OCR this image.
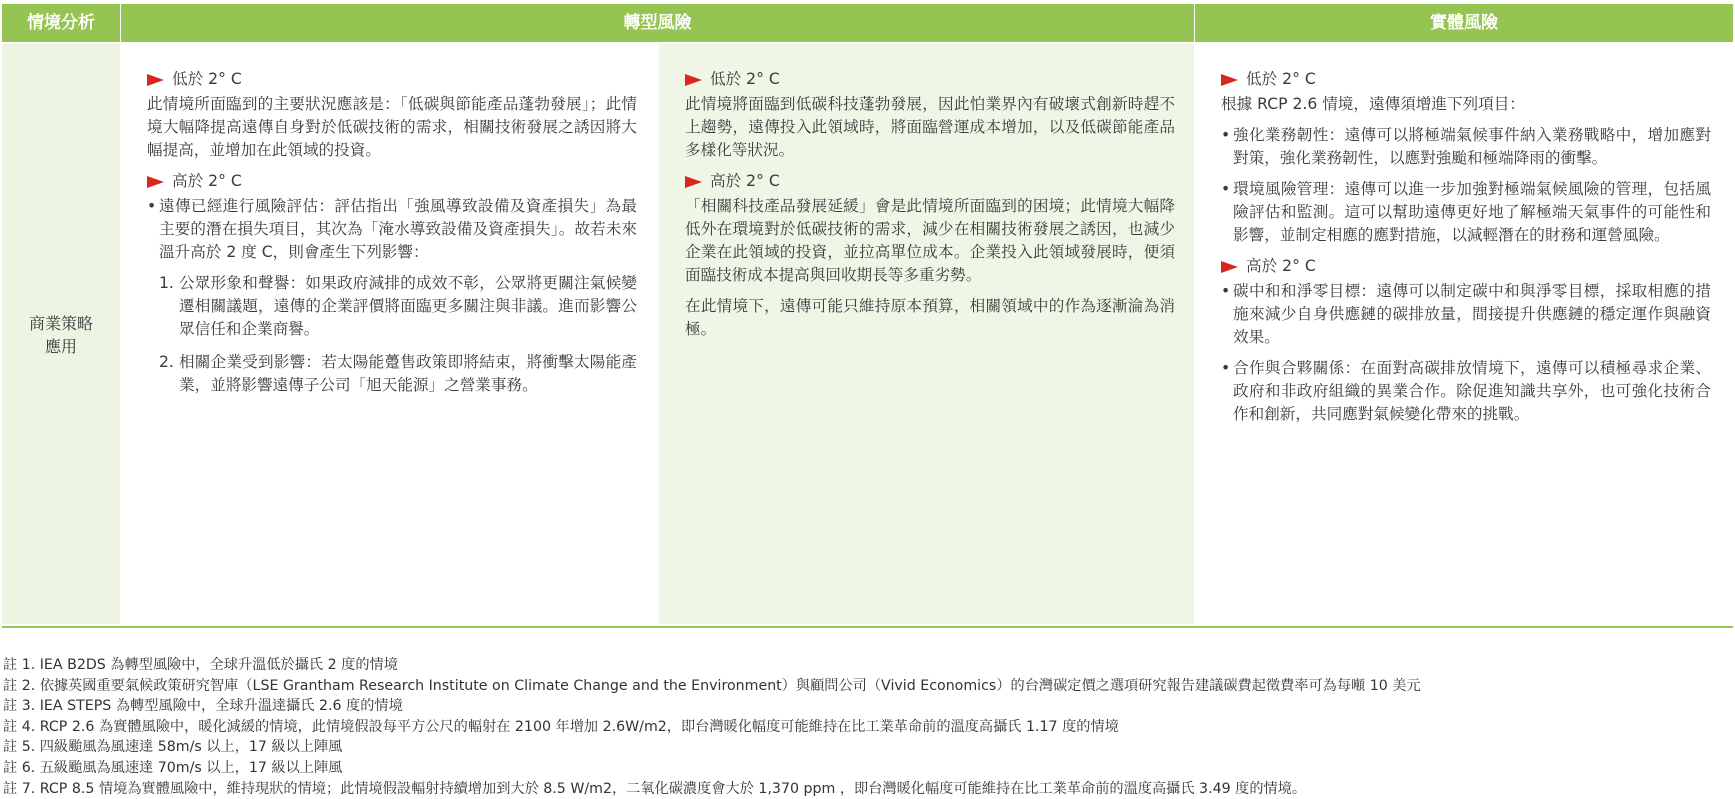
情境分析	轉型風險	實體風險
商業策略
應用
低於 2° C
此情境所面臨到的主要狀況應該是：「低碳與節能產品蓬勃發展」；此情境大幅降提高遠傳自身對於低碳技術的需求，相關技術發展之誘因將大幅提高，並增加在此領域的投資。
高於 2° C
• 遠傳已經進行風險評估：評估指出「強風導致設備及資產損失」為最主要的潛在損失項目，其次為「淹水導致設備及資產損失」。故若未來溫升高於 2 度 C，則會產生下列影響：
1. 公眾形象和聲譽：如果政府減排的成效不彰，公眾將更關注氣候變遷相關議題，遠傳的企業評價將面臨更多關注與非議。進而影響公眾信任和企業商譽。
2. 相關企業受到影響：若太陽能躉售政策即將結束，將衝擊太陽能產業，並將影響遠傳子公司「旭天能源」之營業事務。
低於 2° C
此情境將面臨到低碳科技蓬勃發展，因此怕業界內有破壞式創新時趕不上趨勢，遠傳投入此領域時，將面臨營運成本增加，以及低碳節能產品多樣化等狀況。
高於 2° C
「相關科技產品發展延緩」會是此情境所面臨到的困境；此情境大幅降低外在環境對於低碳技術的需求，減少在相關技術發展之誘因，也減少企業在此領域的投資，並拉高單位成本。企業投入此領域發展時，便須面臨技術成本提高與回收期長等多重劣勢。
在此情境下，遠傳可能只維持原本預算，相關領域中的作為逐漸淪為消極。
低於 2° C
根據 RCP 2.6 情境，遠傳須增進下列項目：
• 強化業務韌性：遠傳可以將極端氣候事件納入業務戰略中，增加應對對策，強化業務韌性，以應對強颱和極端降雨的衝擊。
• 環境風險管理：遠傳可以進一步加強對極端氣候風險的管理，包括風險評估和監測。這可以幫助遠傳更好地了解極端天氣事件的可能性和影響，並制定相應的應對措施，以減輕潛在的財務和運營風險。
高於 2° C
• 碳中和和淨零目標：遠傳可以制定碳中和與淨零目標，採取相應的措施來減少自身供應鏈的碳排放量，間接提升供應鏈的穩定運作與融資效果。
• 合作與合夥關係：在面對高碳排放情境下，遠傳可以積極尋求企業、政府和非政府組織的異業合作。除促進知識共享外，也可強化技術合作和創新，共同應對氣候變化帶來的挑戰。
註 1. IEA B2DS 為轉型風險中，全球升溫低於攝氏 2 度的情境
註 2. 依據英國重要氣候政策研究智庫（LSE Grantham Research Institute on Climate Change and the Environment）與顧問公司（Vivid Economics）的台灣碳定價之選項研究報告建議碳費起徵費率可為每噸 10 美元
註 3. IEA STEPS 為轉型風險中，全球升溫達攝氏 2.6 度的情境
註 4. RCP 2.6 為實體風險中，暖化減緩的情境，此情境假設每平方公尺的輻射在 2100 年增加 2.6W/m2，即台灣暖化幅度可能維持在比工業革命前的溫度高攝氏 1.17 度的情境
註 5. 四級颱風為風速達 58m/s 以上，17 級以上陣風
註 6. 五級颱風為風速達 70m/s 以上，17 級以上陣風
註 7. RCP 8.5 情境為實體風險中，維持現狀的情境；此情境假設輻射持續增加到大於 8.5 W/m2，二氧化碳濃度會大於 1,370 ppm ，即台灣暖化幅度可能維持在比工業革命前的溫度高攝氏 3.49 度的情境。
